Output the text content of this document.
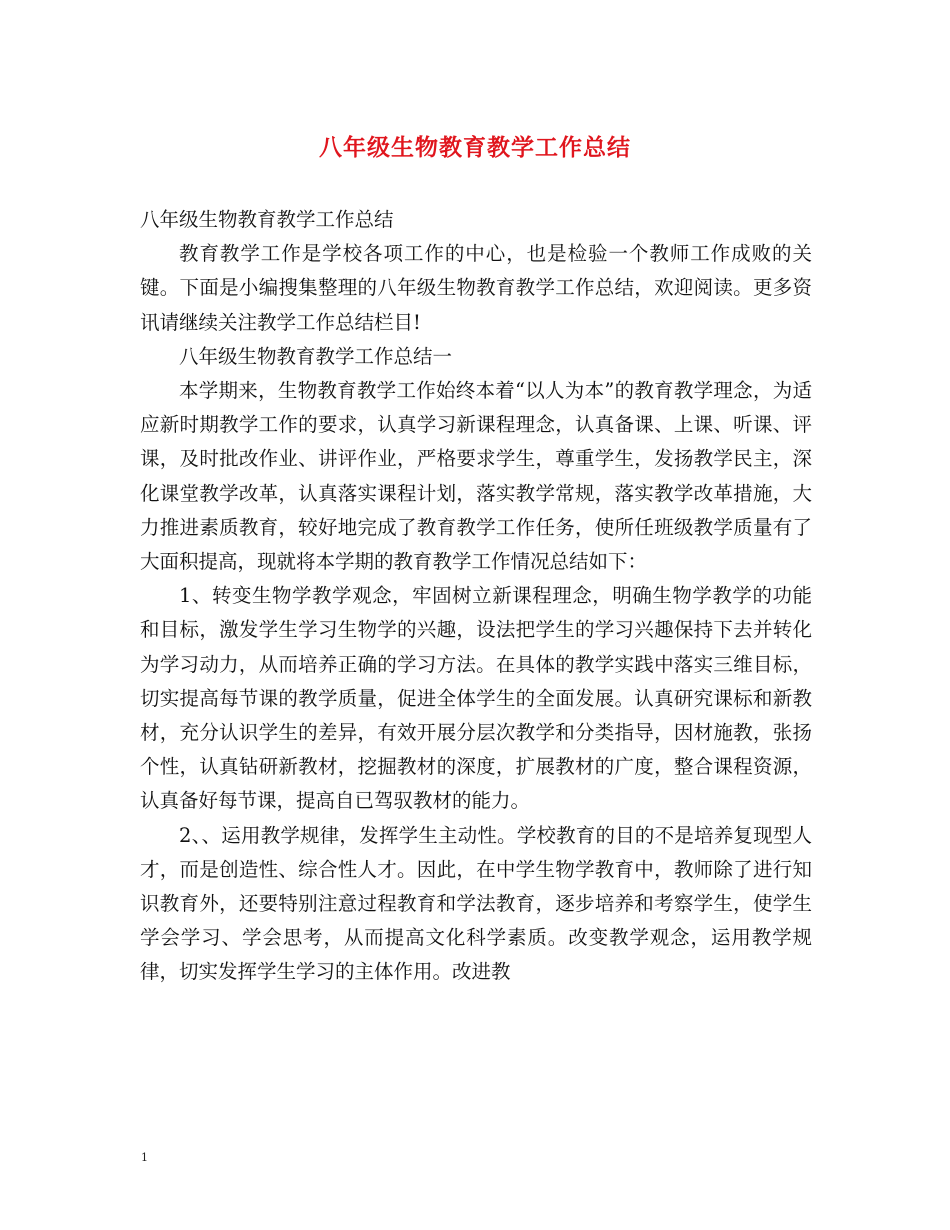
八年级生物教育教学工作总结

八年级生物教育教学工作总结

教育教学工作是学校各项工作的中心，也是检验一个教师工作成败的关键。下面是小编搜集整理的八年级生物教育教学工作总结，欢迎阅读。更多资讯请继续关注教学工作总结栏目!

八年级生物教育教学工作总结一

本学期来，生物教育教学工作始终本着“以人为本”的教育教学理念，为适应新时期教学工作的要求，认真学习新课程理念，认真备课、上课、听课、评课，及时批改作业、讲评作业，严格要求学生，尊重学生，发扬教学民主，深化课堂教学改革，认真落实课程计划，落实教学常规，落实教学改革措施，大力推进素质教育，较好地完成了教育教学工作任务，使所任班级教学质量有了大面积提高，现就将本学期的教育教学工作情况总结如下：

1、转变生物学教学观念，牢固树立新课程理念，明确生物学教学的功能和目标，激发学生学习生物学的兴趣，设法把学生的学习兴趣保持下去并转化为学习动力，从而培养正确的学习方法。在具体的教学实践中落实三维目标，切实提高每节课的教学质量，促进全体学生的全面发展。认真研究课标和新教材，充分认识学生的差异，有效开展分层次教学和分类指导，因材施教，张扬个性，认真钻研新教材，挖掘教材的深度，扩展教材的广度，整合课程资源，认真备好每节课，提高自已驾驭教材的能力。

2、、运用教学规律，发挥学生主动性。学校教育的目的不是培养复现型人才，而是创造性、综合性人才。因此，在中学生物学教育中，教师除了进行知识教育外，还要特别注意过程教育和学法教育，逐步培养和考察学生，使学生学会学习、学会思考，从而提高文化科学素质。改变教学观念，运用教学规律，切实发挥学生学习的主体作用。改进教

1
